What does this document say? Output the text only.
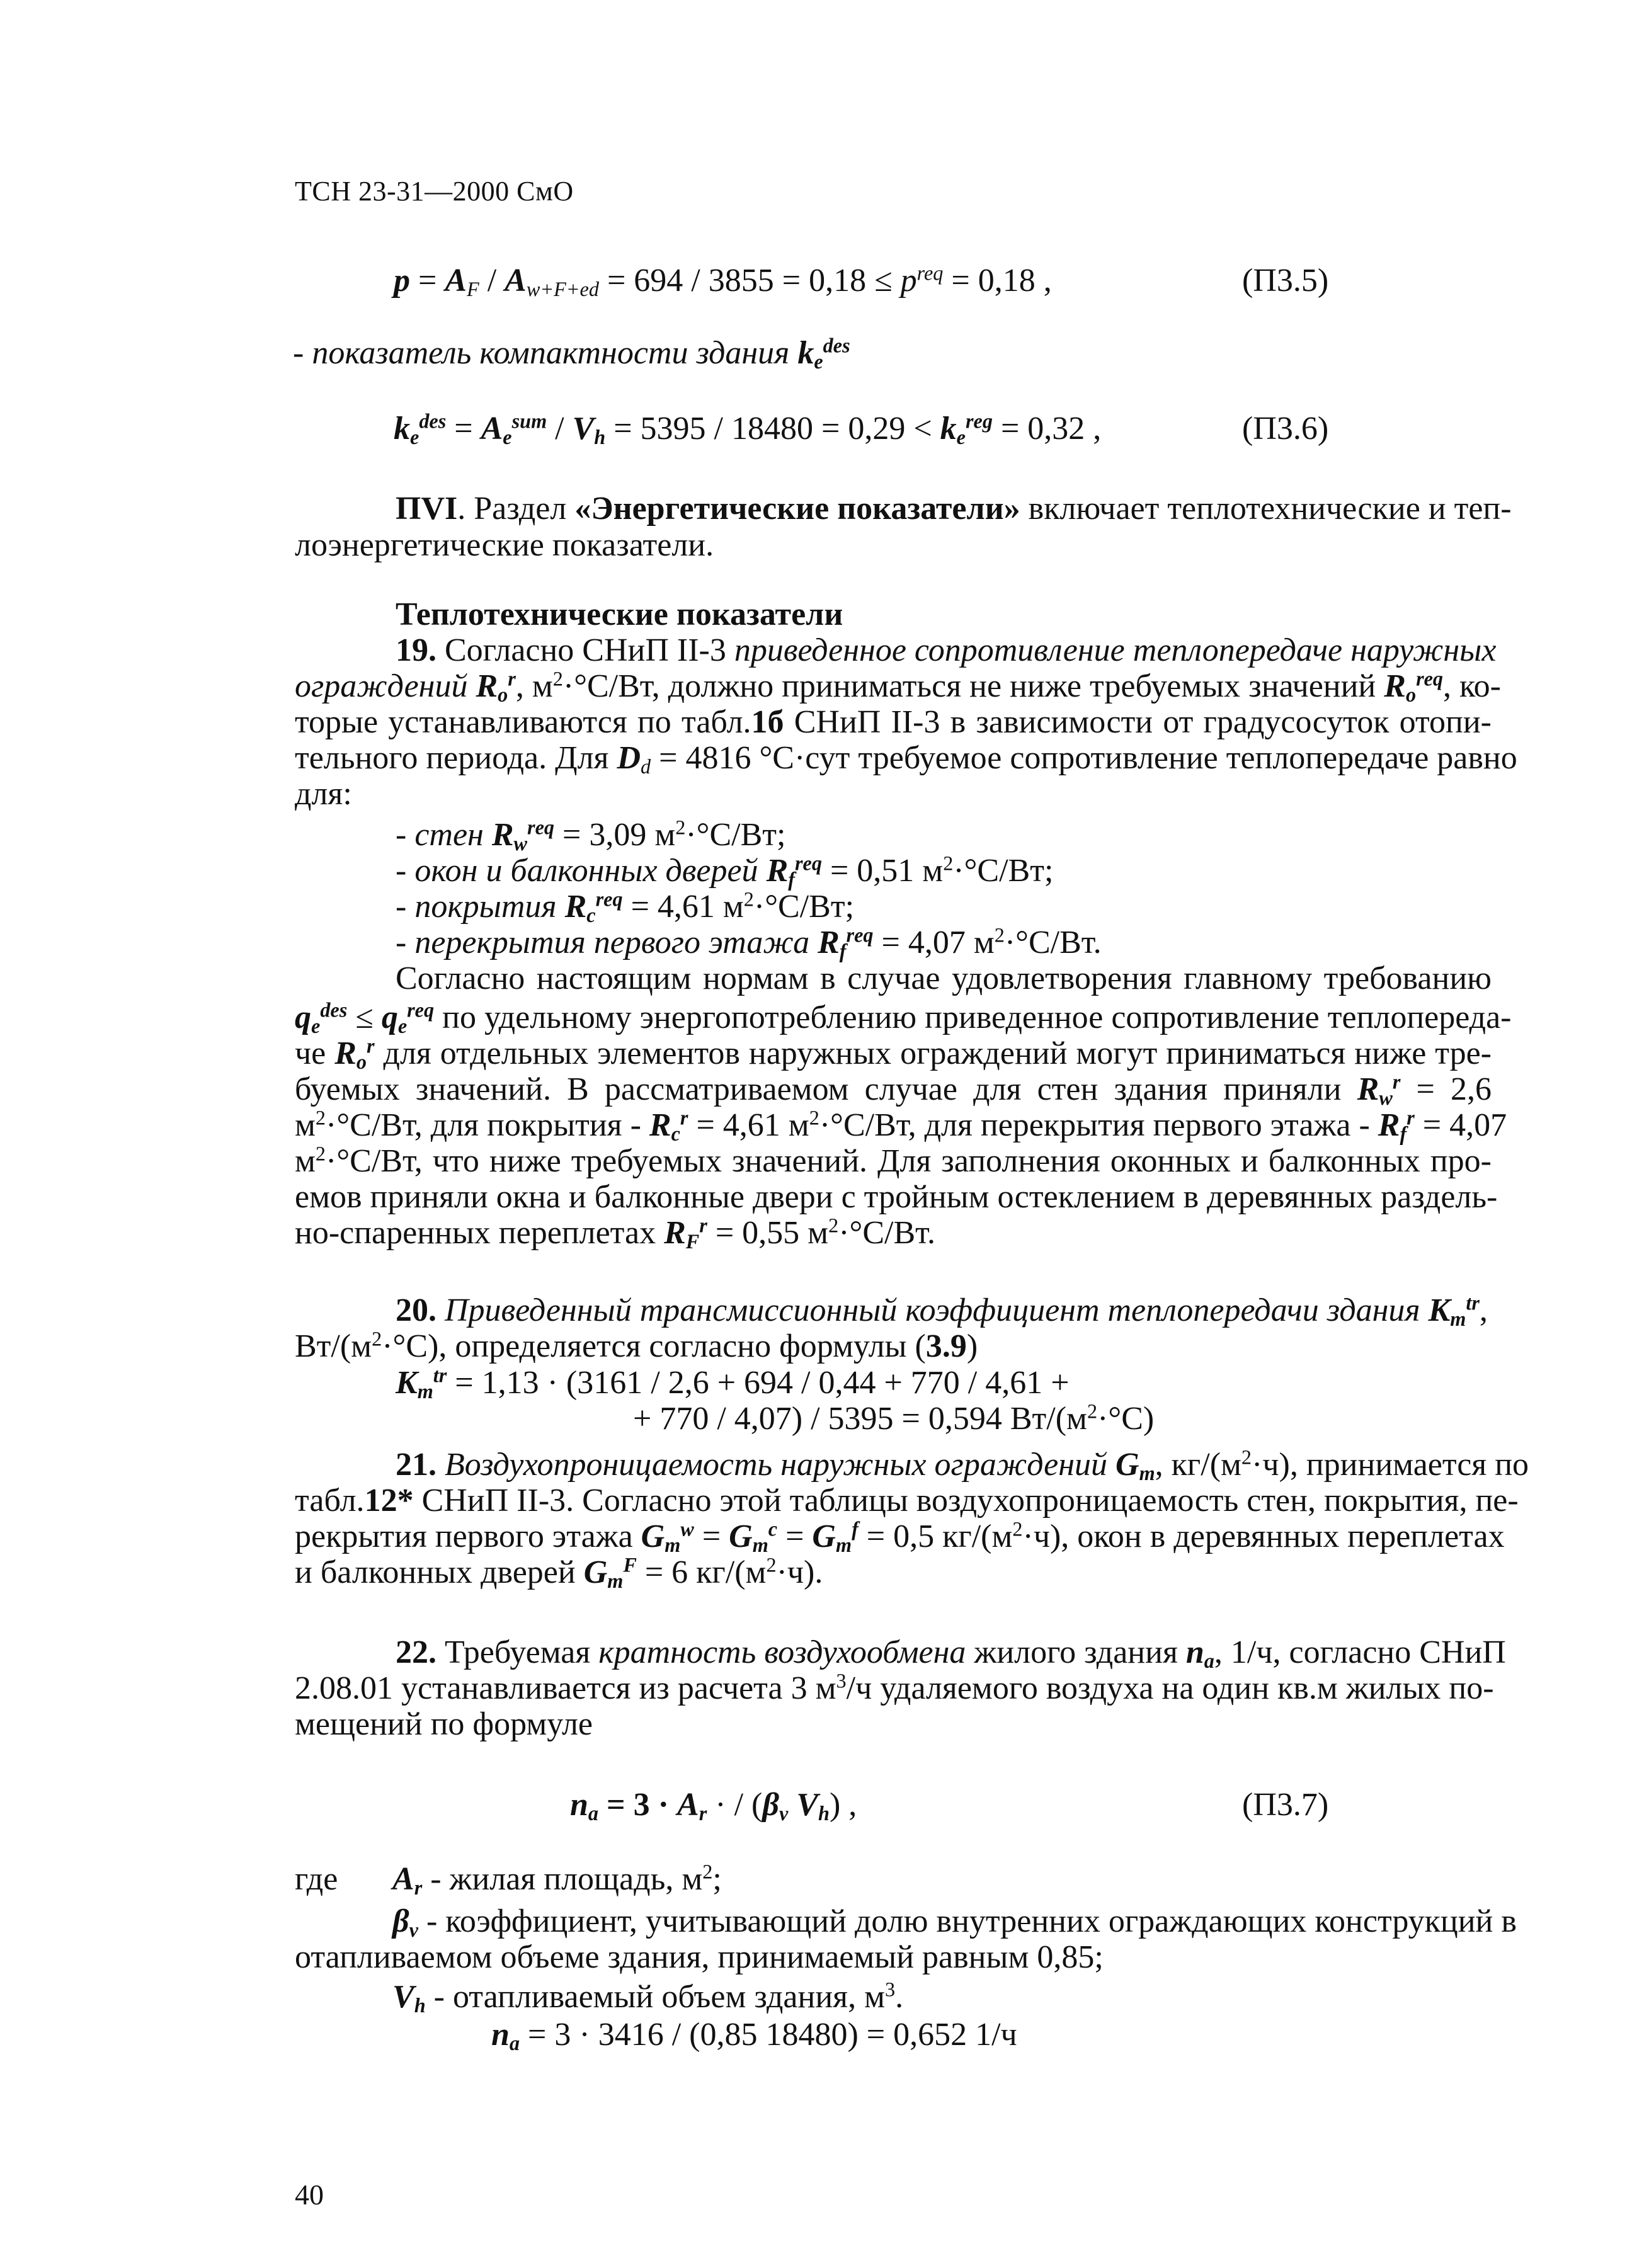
ТСН 23-31—2000 СмО
$p = A_F / A_{w+F+ed} = 694 / 3855 = 0,18 \le p^{req} = 0,18$ ,	(П3.5)
- показатель компактности здания $k_e^{des}$
$k_e^{des} = A_e^{sum} / V_h = 5395 / 18480 = 0,29 < k_e^{reg} = 0,32$ ,	(П3.6)
ПVI. Раздел «Энергетические показатели» включает теплотехнические и теп-
лоэнергетические показатели.
Теплотехнические показатели
19. Согласно СНиП II-3 приведенное сопротивление теплопередаче наружных
ограждений $R_o^r$, $м^2\cdot^\circ С/Вт$, должно приниматься не ниже требуемых значений $R_o^{req}$, ко-
торые устанавливаются по табл.1б СНиП II-3 в зависимости от градусосуток отопи-
тельного периода. Для $D_d = 4816$ °С·сут требуемое сопротивление теплопередаче равно
для:
- стен $R_w^{req} = 3,09$ $м^2\cdot^\circ С/Вт$;
- окон и балконных дверей $R_f^{req} = 0,51$ $м^2\cdot^\circ С/Вт$;
- покрытия $R_c^{req} = 4,61$ $м^2\cdot^\circ С/Вт$;
- перекрытия первого этажа $R_f^{req} = 4,07$ $м^2\cdot^\circ С/Вт$.
Согласно настоящим нормам в случае удовлетворения главному требованию
$q_e^{des} \le q_e^{req}$ по удельному энергопотреблению приведенное сопротивление теплопереда-
че $R_o^r$ для отдельных элементов наружных ограждений могут приниматься ниже тре-
буемых значений. В рассматриваемом случае для стен здания приняли $R_w^r = 2,6$
$м^2\cdot^\circ С/Вт$, для покрытия - $R_c^r = 4,61$ $м^2\cdot^\circ С/Вт$, для перекрытия первого этажа - $R_f^r = 4,07$
$м^2\cdot^\circ С/Вт$, что ниже требуемых значений. Для заполнения оконных и балконных про-
емов приняли окна и балконные двери с тройным остеклением в деревянных раздель-
но-спаренных переплетах $R_F^r = 0,55$ $м^2\cdot^\circ С/Вт$.
20. Приведенный трансмиссионный коэффициент теплопередачи здания $K_m^{tr}$,
$Вт/(м^2\cdot^\circ С)$, определяется согласно формулы (3.9)
$K_m^{tr} = 1,13 \cdot (3161 / 2,6 + 694 / 0,44 + 770 / 4,61$ +
+ 770 / 4,07) / 5395 = 0,594 $Вт/(м^2\cdot^\circ С)$
21. Воздухопроницаемость наружных ограждений $G_m$, $кг/(м^2\cdot ч)$, принимается по
табл.12* СНиП II-3. Согласно этой таблицы воздухопроницаемость стен, покрытия, пе-
рекрытия первого этажа $G_m^w = G_m^c = G_m^f = 0,5$ $кг/(м^2\cdot ч)$, окон в деревянных переплетах
и балконных дверей $G_m^F = 6$ $кг/(м^2\cdot ч)$.
22. Требуемая кратность воздухообмена жилого здания $n_a$, 1/ч, согласно СНиП
2.08.01 устанавливается из расчета 3 $м^3/ч$ удаляемого воздуха на один кв.м жилых по-
мещений по формуле
$n_a = 3 \cdot A_r$ · / ($\beta_v$ $V_h$) ,	(П3.7)
где $A_r$ - жилая площадь, $м^2$;
$\beta_v$ - коэффициент, учитывающий долю внутренних ограждающих конструкций в
отапливаемом объеме здания, принимаемый равным 0,85;
$V_h$ - отапливаемый объем здания, $м^3$.
$n_a = 3 \cdot 3416 / (0,85$ 18480) = 0,652 1/ч
40
